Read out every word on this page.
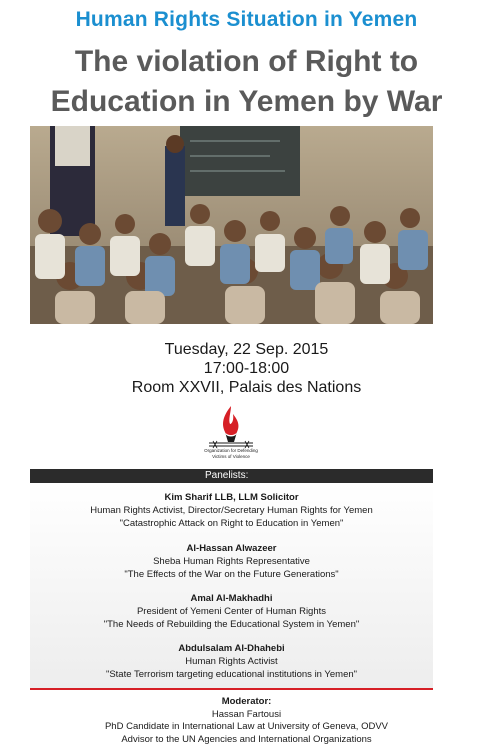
Human Rights Situation in Yemen
The violation of Right to
Education in Yemen by War
Tuesday, 22 Sep. 2015
17:00-18:00
Room XXVII, Palais des Nations
Organization for Defending
Victims of Violence
Panelists:
Kim Sharif LLB, LLM Solicitor
Human Rights Activist, Director/Secretary Human Rights for Yemen
"Catastrophic Attack on Right to Education in Yemen"
Al-Hassan Alwazeer
Sheba Human Rights Representative
"The Effects of the War on the Future Generations"
Amal Al-Makhadhi
President of Yemeni Center of Human Rights
"The Needs of Rebuilding the Educational System in Yemen"
Abdulsalam Al-Dhahebi
Human Rights Activist
"State Terrorism targeting educational institutions in Yemen"
Moderator:
Hassan Fartousi
PhD Candidate in International Law at University of Geneva, ODVV
Advisor to the UN Agencies and International Organizations
